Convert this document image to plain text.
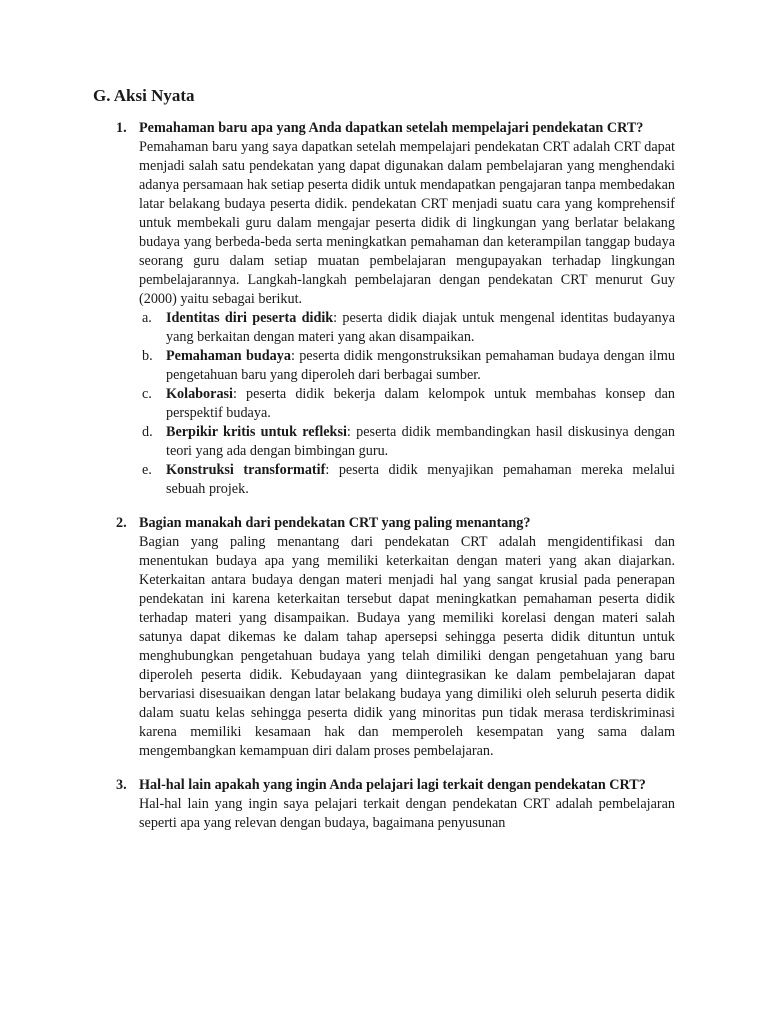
G. Aksi Nyata
1. Pemahaman baru apa yang Anda dapatkan setelah mempelajari pendekatan CRT?

Pemahaman baru yang saya dapatkan setelah mempelajari pendekatan CRT adalah CRT dapat menjadi salah satu pendekatan yang dapat digunakan dalam pembelajaran yang menghendaki adanya persamaan hak setiap peserta didik untuk mendapatkan pengajaran tanpa membedakan latar belakang budaya peserta didik. pendekatan CRT menjadi suatu cara yang komprehensif untuk membekali guru dalam mengajar peserta didik di lingkungan yang berlatar belakang budaya yang berbeda-beda serta meningkatkan pemahaman dan keterampilan tanggap budaya seorang guru dalam setiap muatan pembelajaran mengupayakan terhadap lingkungan pembelajarannya. Langkah-langkah pembelajaran dengan pendekatan CRT menurut Guy (2000) yaitu sebagai berikut.

a. Identitas diri peserta didik: peserta didik diajak untuk mengenal identitas budayanya yang berkaitan dengan materi yang akan disampaikan.
b. Pemahaman budaya: peserta didik mengonstruksikan pemahaman budaya dengan ilmu pengetahuan baru yang diperoleh dari berbagai sumber.
c. Kolaborasi: peserta didik bekerja dalam kelompok untuk membahas konsep dan perspektif budaya.
d. Berpikir kritis untuk refleksi: peserta didik membandingkan hasil diskusinya dengan teori yang ada dengan bimbingan guru.
e. Konstruksi transformatif: peserta didik menyajikan pemahaman mereka melalui sebuah projek.
2. Bagian manakah dari pendekatan CRT yang paling menantang?

Bagian yang paling menantang dari pendekatan CRT adalah mengidentifikasi dan menentukan budaya apa yang memiliki keterkaitan dengan materi yang akan diajarkan. Keterkaitan antara budaya dengan materi menjadi hal yang sangat krusial pada penerapan pendekatan ini karena keterkaitan tersebut dapat meningkatkan pemahaman peserta didik terhadap materi yang disampaikan. Budaya yang memiliki korelasi dengan materi salah satunya dapat dikemas ke dalam tahap apersepsi sehingga peserta didik dituntun untuk menghubungkan pengetahuan budaya yang telah dimiliki dengan pengetahuan yang baru diperoleh peserta didik. Kebudayaan yang diintegrasikan ke dalam pembelajaran dapat bervariasi disesuaikan dengan latar belakang budaya yang dimiliki oleh seluruh peserta didik dalam suatu kelas sehingga peserta didik yang minoritas pun tidak merasa terdiskriminasi karena memiliki kesamaan hak dan memperoleh kesempatan yang sama dalam mengembangkan kemampuan diri dalam proses pembelajaran.

3. Hal-hal lain apakah yang ingin Anda pelajari lagi terkait dengan pendekatan CRT?

Hal-hal lain yang ingin saya pelajari terkait dengan pendekatan CRT adalah pembelajaran seperti apa yang relevan dengan budaya, bagaimana penyusunan
